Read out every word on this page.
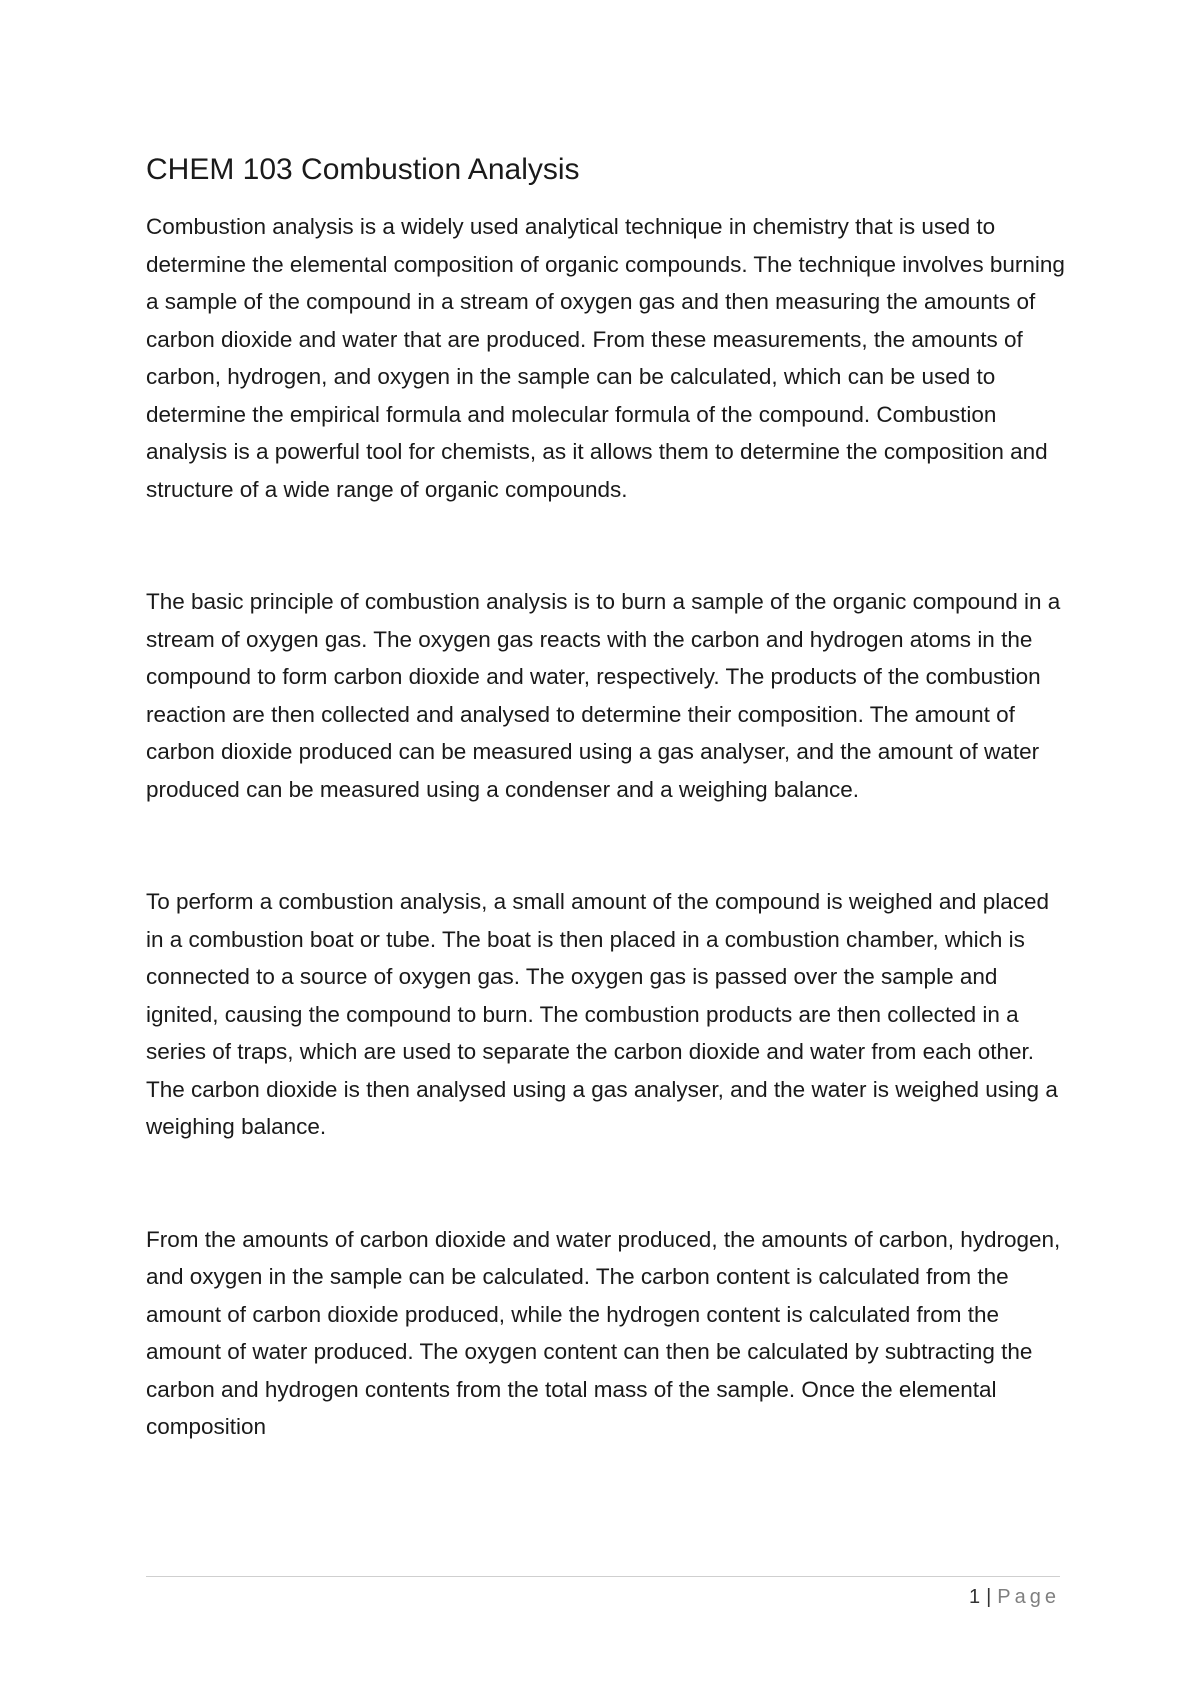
CHEM 103 Combustion Analysis

Combustion analysis is a widely used analytical technique in chemistry that is used to determine the elemental composition of organic compounds. The technique involves burning a sample of the compound in a stream of oxygen gas and then measuring the amounts of carbon dioxide and water that are produced. From these measurements, the amounts of carbon, hydrogen, and oxygen in the sample can be calculated, which can be used to determine the empirical formula and molecular formula of the compound. Combustion analysis is a powerful tool for chemists, as it allows them to determine the composition and structure of a wide range of organic compounds.

The basic principle of combustion analysis is to burn a sample of the organic compound in a stream of oxygen gas. The oxygen gas reacts with the carbon and hydrogen atoms in the compound to form carbon dioxide and water, respectively. The products of the combustion reaction are then collected and analysed to determine their composition. The amount of carbon dioxide produced can be measured using a gas analyser, and the amount of water produced can be measured using a condenser and a weighing balance.

To perform a combustion analysis, a small amount of the compound is weighed and placed in a combustion boat or tube. The boat is then placed in a combustion chamber, which is connected to a source of oxygen gas. The oxygen gas is passed over the sample and ignited, causing the compound to burn. The combustion products are then collected in a series of traps, which are used to separate the carbon dioxide and water from each other. The carbon dioxide is then analysed using a gas analyser, and the water is weighed using a weighing balance.

From the amounts of carbon dioxide and water produced, the amounts of carbon, hydrogen, and oxygen in the sample can be calculated. The carbon content is calculated from the amount of carbon dioxide produced, while the hydrogen content is calculated from the amount of water produced. The oxygen content can then be calculated by subtracting the carbon and hydrogen contents from the total mass of the sample. Once the elemental composition

1 | Page
